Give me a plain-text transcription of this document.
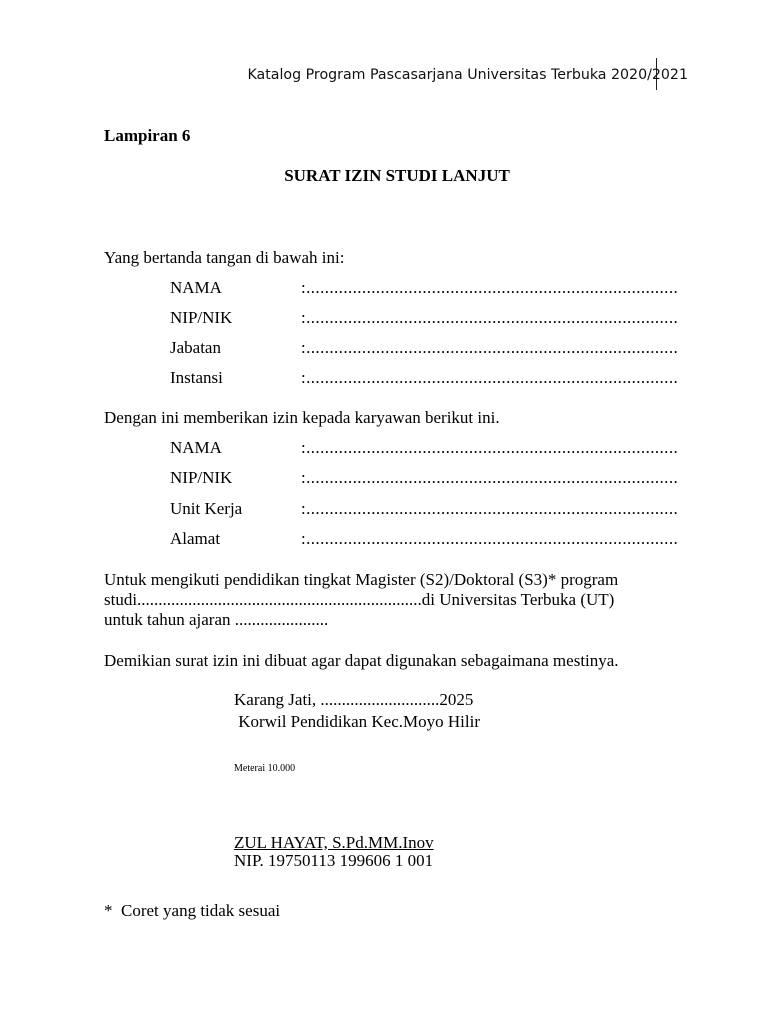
Katalog Program Pascasarjana Universitas Terbuka 2020/2021
Lampiran 6
SURAT IZIN STUDI LANJUT
Yang bertanda tangan di bawah ini:
NAMA	:................................................................................
NIP/NIK	:................................................................................
Jabatan	:................................................................................
Instansi	:................................................................................
Dengan ini memberikan izin kepada karyawan berikut ini.
NAMA	:................................................................................
NIP/NIK	:................................................................................
Unit Kerja	:................................................................................
Alamat	:................................................................................
Untuk mengikuti pendidikan tingkat Magister (S2)/Doktoral (S3)* program
studi...................................................................di Universitas Terbuka (UT)
untuk tahun ajaran ......................
Demikian surat izin ini dibuat agar dapat digunakan sebagaimana mestinya.
Karang Jati, ............................2025
Korwil Pendidikan Kec.Moyo Hilir
Meterai 10.000
ZUL HAYAT, S.Pd.MM.Inov
NIP. 19750113 199606 1 001
*  Coret yang tidak sesuai
